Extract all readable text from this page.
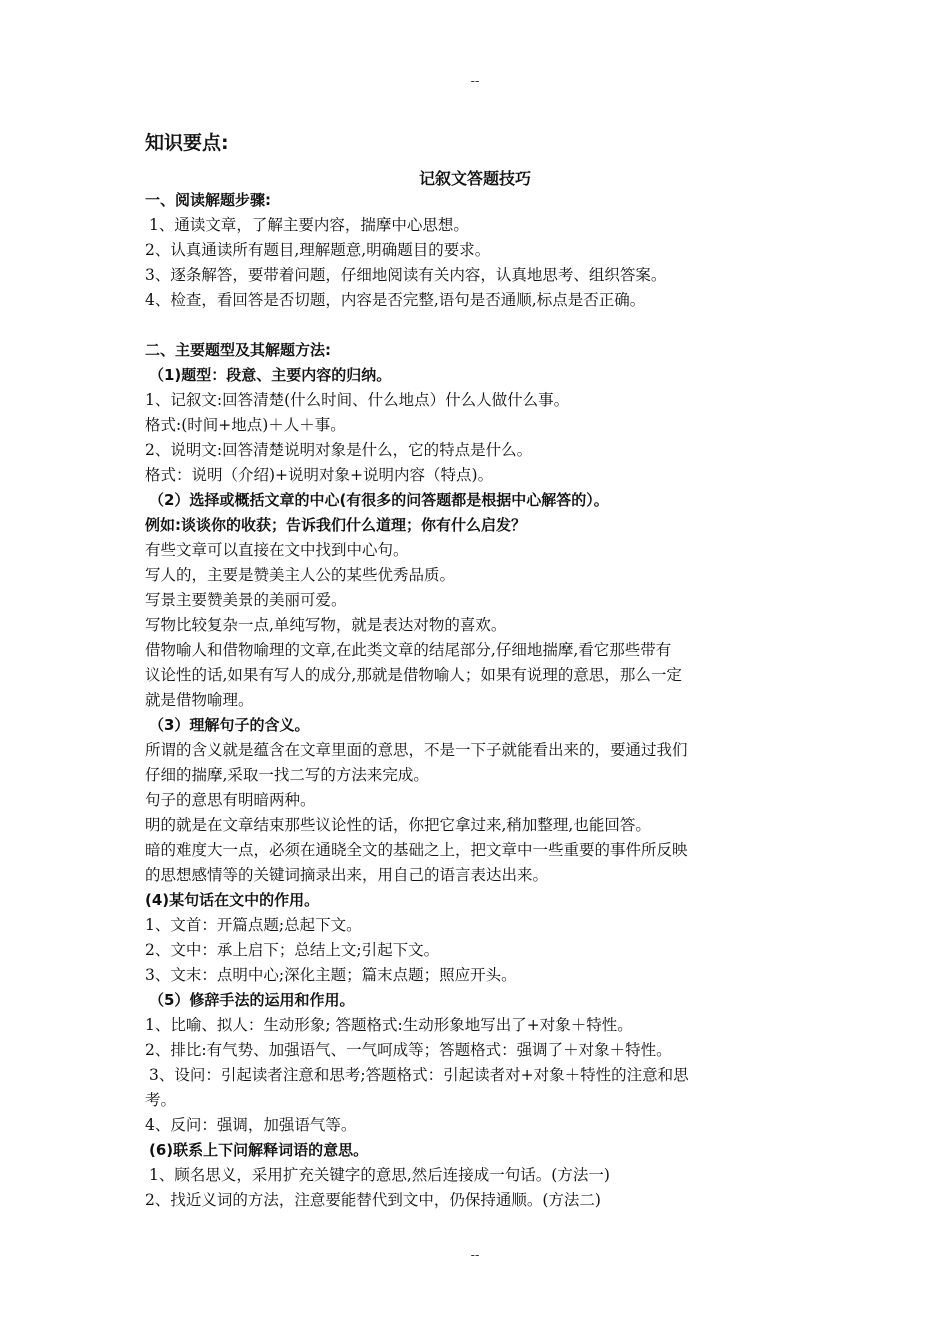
--
知识要点:
记叙文答题技巧
一、阅读解题步骤:
1、通读文章，了解主要内容，揣摩中心思想。
2、认真通读所有题目,理解题意,明确题目的要求。
3、逐条解答，要带着问题，仔细地阅读有关内容，认真地思考、组织答案。
4、检查，看回答是否切题，内容是否完整,语句是否通顺,标点是否正确。
二、主要题型及其解题方法:
（1)题型：段意、主要内容的归纳。
1、记叙文:回答清楚(什么时间、什么地点）什么人做什么事。
格式:(时间+地点)＋人＋事。
2、说明文:回答清楚说明对象是什么，它的特点是什么。
格式：说明（介绍)+说明对象+说明内容（特点)。
（2）选择或概括文章的中心(有很多的问答题都是根据中心解答的）。
例如:谈谈你的收获；告诉我们什么道理；你有什么启发？
有些文章可以直接在文中找到中心句。
写人的，主要是赞美主人公的某些优秀品质。
写景主要赞美景的美丽可爱。
写物比较复杂一点,单纯写物，就是表达对物的喜欢。
借物喻人和借物喻理的文章,在此类文章的结尾部分,仔细地揣摩,看它那些带有
议论性的话,如果有写人的成分,那就是借物喻人；如果有说理的意思，那么一定
就是借物喻理。
（3）理解句子的含义。
所谓的含义就是蕴含在文章里面的意思，不是一下子就能看出来的，要通过我们
仔细的揣摩,采取一找二写的方法来完成。
句子的意思有明暗两种。
明的就是在文章结束那些议论性的话，你把它拿过来,稍加整理,也能回答。
暗的难度大一点，必须在通晓全文的基础之上，把文章中一些重要的事件所反映
的思想感情等的关键词摘录出来，用自己的语言表达出来。
(4)某句话在文中的作用。
1、文首：开篇点题;总起下文。
2、文中：承上启下；总结上文;引起下文。
3、文末：点明中心;深化主题；篇末点题；照应开头。
（5）修辞手法的运用和作用。
1、比喻、拟人：生动形象; 答题格式:生动形象地写出了+对象＋特性。
2、排比:有气势、加强语气、一气呵成等；答题格式：强调了＋对象＋特性。
3、设问：引起读者注意和思考;答题格式：引起读者对+对象＋特性的注意和思
考。
4、反问：强调，加强语气等。
(6)联系上下问解释词语的意思。
1、顾名思义，采用扩充关键字的意思,然后连接成一句话。(方法一)
2、找近义词的方法，注意要能替代到文中，仍保持通顺。(方法二)
--
